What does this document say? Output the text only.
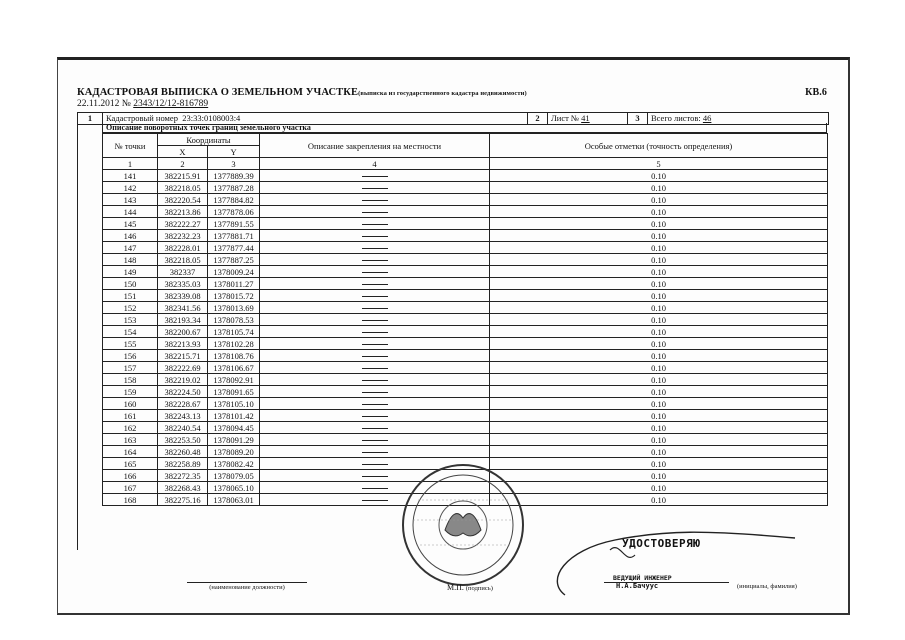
КАДАСТРОВАЯ ВЫПИСКА О ЗЕМЕЛЬНОМ УЧАСТКЕ(выписка из государственного кадастра недвижимости)	КВ.6
22.11.2012 № 2343/12/12-816789
1	Кадастровый номер 23:33:0108003:4	2	Лист № 41	3	Всего листов: 46
Описание поворотных точек границ земельного участка
№ точки	Координаты		Описание закрепления на местности	Особые отметки (точность определения)
	X	Y		
1	2	3	4	5
141	382215.91	1377889.39		0.10
142	382218.05	1377887.28		0.10
143	382220.54	1377884.82		0.10
144	382213.86	1377878.06		0.10
145	382222.27	1377891.55		0.10
146	382232.23	1377881.71		0.10
147	382228.01	1377877.44		0.10
148	382218.05	1377887.25		0.10
149	382337	1378009.24		0.10
150	382335.03	1378011.27		0.10
151	382339.08	1378015.72		0.10
152	382341.56	1378013.69		0.10
153	382193.34	1378078.53		0.10
154	382200.67	1378105.74		0.10
155	382213.93	1378102.28		0.10
156	382215.71	1378108.76		0.10
157	382222.69	1378106.67		0.10
158	382219.02	1378092.91		0.10
159	382224.50	1378091.65		0.10
160	382228.67	1378105.10		0.10
161	382243.13	1378101.42		0.10
162	382240.54	1378094.45		0.10
163	382253.50	1378091.29		0.10
164	382260.48	1378089.20		0.10
165	382258.89	1378082.42		0.10
166	382272.35	1378079.05		0.10
167	382268.43	1378065.10		0.10
168	382275.16	1378063.01		0.10
УДОСТОВЕРЯЮ
ВЕДУЩИЙ ИНЖЕНЕР
Н.А.Бачуус
(наименование должности)	М.П. (подпись)	(инициалы, фамилия)
